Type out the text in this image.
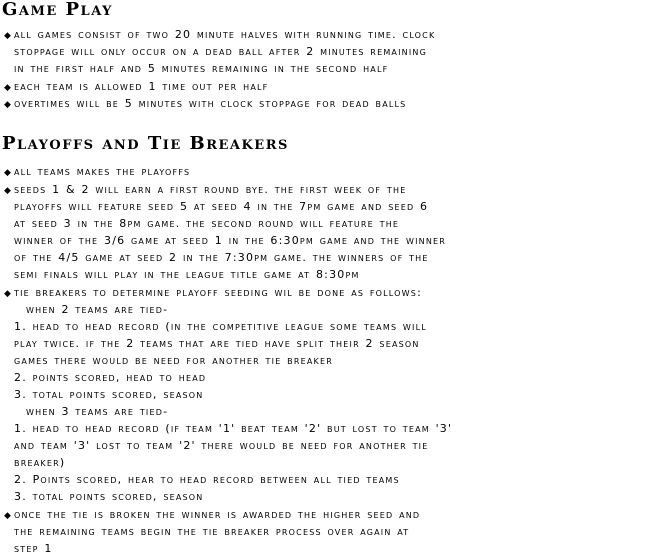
Game Play

◆ all games consist of two 20 minute halves with running time. clock

stoppage will only occur on a dead ball after 2 minutes remaining

in the first half and 5 minutes remaining in the second half

◆ each team is allowed 1 time out per half

◆ overtimes will be 5 minutes with clock stoppage for dead balls

Playoffs and Tie Breakers

◆ all teams makes the playoffs

◆ seeds 1 & 2 will earn a first round bye. the first week of the

playoffs will feature seed 5 at seed 4 in the 7pm game and seed 6

at seed 3 in the 8pm game. the second round will feature the

winner of the 3/6 game at seed 1 in the 6:30pm game and the winner

of the 4/5 game at seed 2 in the 7:30pm game. the winners of the

semi finals will play in the league title game at 8:30pm

◆ tie breakers to determine playoff seeding wil be done as follows:

when 2 teams are tied-

1. head to head record (in the competitive league some teams will

play twice. if the 2 teams that are tied have split their 2 season

games there would be need for another tie breaker

2. points scored, head to head

3. total points scored, season

when 3 teams are tied-

1. head to head record (if team '1' beat team '2' but lost to team '3'

and team '3' lost to team '2' there would be need for another tie

breaker)

2. Points scored, hear to head record between all tied teams

3. total points scored, season

◆ once the tie is broken the winner is awarded the higher seed and

the remaining teams begin the tie breaker process over again at

step 1
